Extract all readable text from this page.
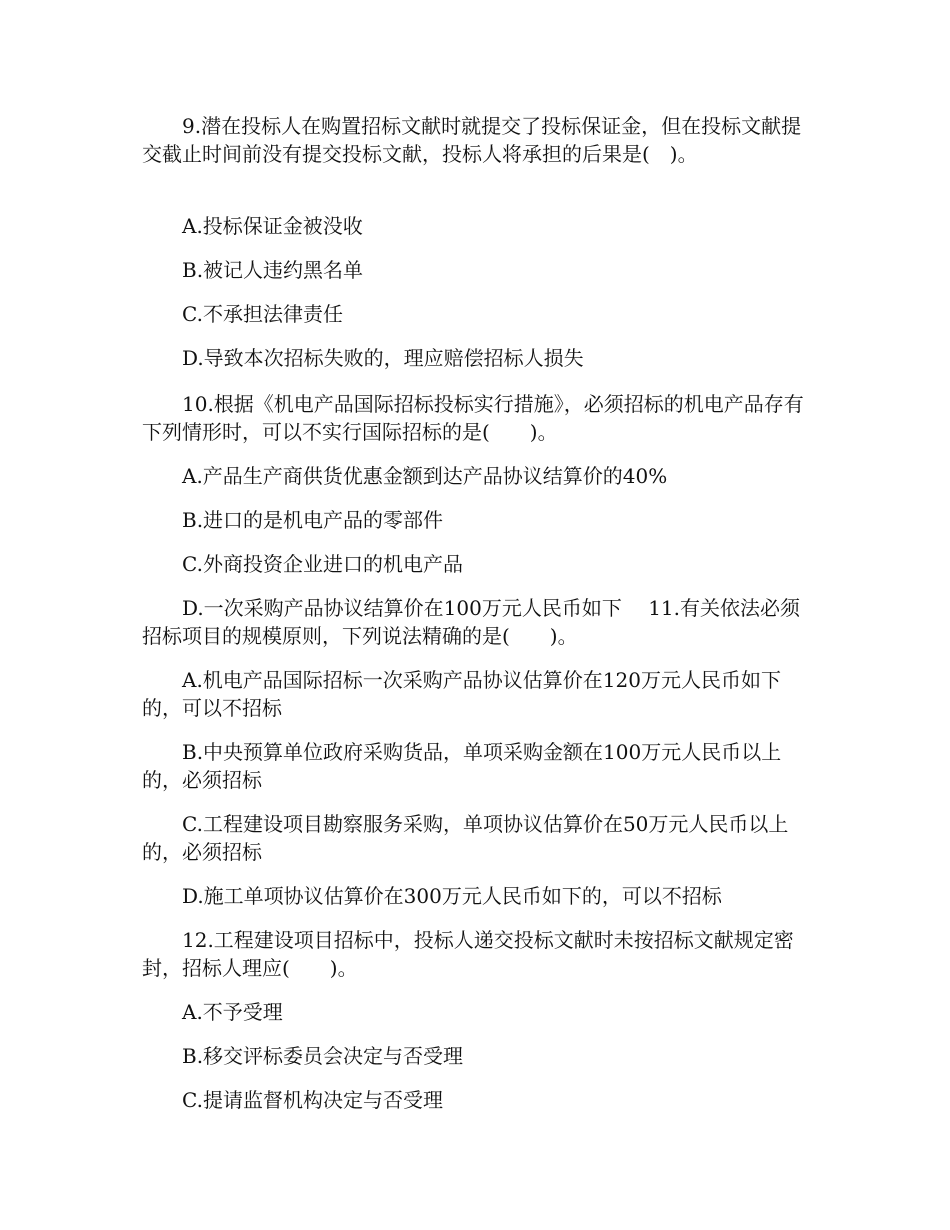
9.潜在投标人在购置招标文献时就提交了投标保证金，但在投标文献提交截止时间前没有提交投标文献，投标人将承担的后果是(　)。

A.投标保证金被没收

B.被记人违约黑名单

C.不承担法律责任

D.导致本次招标失败的，理应赔偿招标人损失

10.根据《机电产品国际招标投标实行措施》，必须招标的机电产品存有下列情形时，可以不实行国际招标的是(　　)。

A.产品生产商供货优惠金额到达产品协议结算价的40%

B.进口的是机电产品的零部件

C.外商投资企业进口的机电产品

D.一次采购产品协议结算价在100万元人民币如下　 11.有关依法必须招标项目的规模原则，下列说法精确的是(　　)。

A.机电产品国际招标一次采购产品协议估算价在120万元人民币如下的，可以不招标

B.中央预算单位政府采购货品，单项采购金额在100万元人民币以上的，必须招标

C.工程建设项目勘察服务采购，单项协议估算价在50万元人民币以上的，必须招标

D.施工单项协议估算价在300万元人民币如下的，可以不招标

12.工程建设项目招标中，投标人递交投标文献时未按招标文献规定密封，招标人理应(　　)。

A.不予受理

B.移交评标委员会决定与否受理

C.提请监督机构决定与否受理
